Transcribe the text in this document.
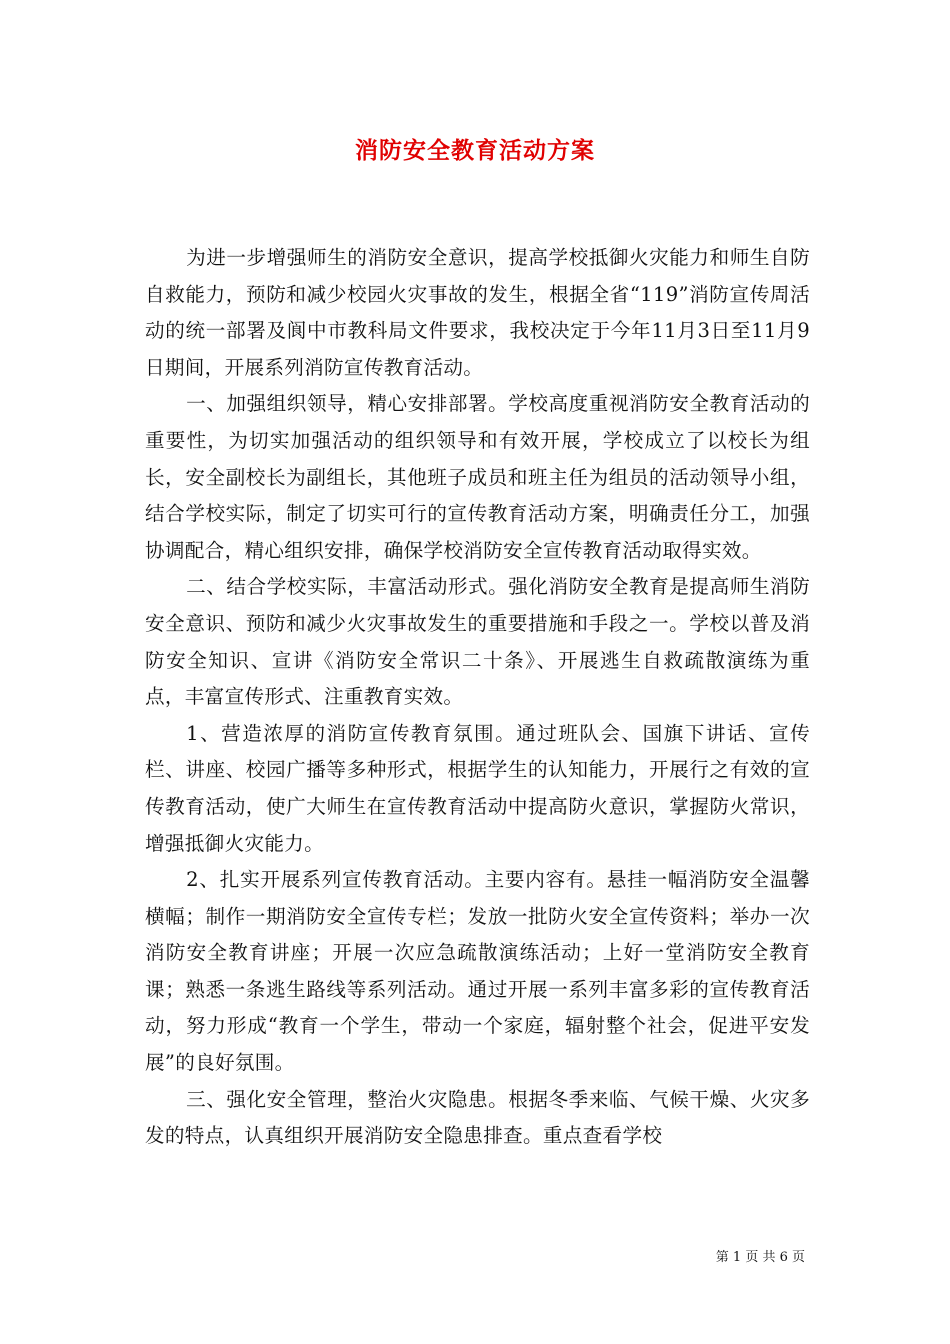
消防安全教育活动方案

为进一步增强师生的消防安全意识，提高学校抵御火灾能力和师生自防自救能力，预防和减少校园火灾事故的发生，根据全省“119”消防宣传周活动的统一部署及阆中市教科局文件要求，我校决定于今年11月3日至11月9日期间，开展系列消防宣传教育活动。

一、加强组织领导，精心安排部署。学校高度重视消防安全教育活动的重要性，为切实加强活动的组织领导和有效开展，学校成立了以校长为组长，安全副校长为副组长，其他班子成员和班主任为组员的活动领导小组，结合学校实际，制定了切实可行的宣传教育活动方案，明确责任分工，加强协调配合，精心组织安排，确保学校消防安全宣传教育活动取得实效。

二、结合学校实际，丰富活动形式。强化消防安全教育是提高师生消防安全意识、预防和减少火灾事故发生的重要措施和手段之一。学校以普及消防安全知识、宣讲《消防安全常识二十条》、开展逃生自救疏散演练为重点，丰富宣传形式、注重教育实效。

1、营造浓厚的消防宣传教育氛围。通过班队会、国旗下讲话、宣传栏、讲座、校园广播等多种形式，根据学生的认知能力，开展行之有效的宣传教育活动，使广大师生在宣传教育活动中提高防火意识，掌握防火常识，增强抵御火灾能力。

2、扎实开展系列宣传教育活动。主要内容有。悬挂一幅消防安全温馨横幅；制作一期消防安全宣传专栏；发放一批防火安全宣传资料；举办一次消防安全教育讲座；开展一次应急疏散演练活动；上好一堂消防安全教育课；熟悉一条逃生路线等系列活动。通过开展一系列丰富多彩的宣传教育活动，努力形成“教育一个学生，带动一个家庭，辐射整个社会，促进平安发展”的良好氛围。

三、强化安全管理，整治火灾隐患。根据冬季来临、气候干燥、火灾多发的特点，认真组织开展消防安全隐患排查。重点查看学校

第 1 页 共 6 页
